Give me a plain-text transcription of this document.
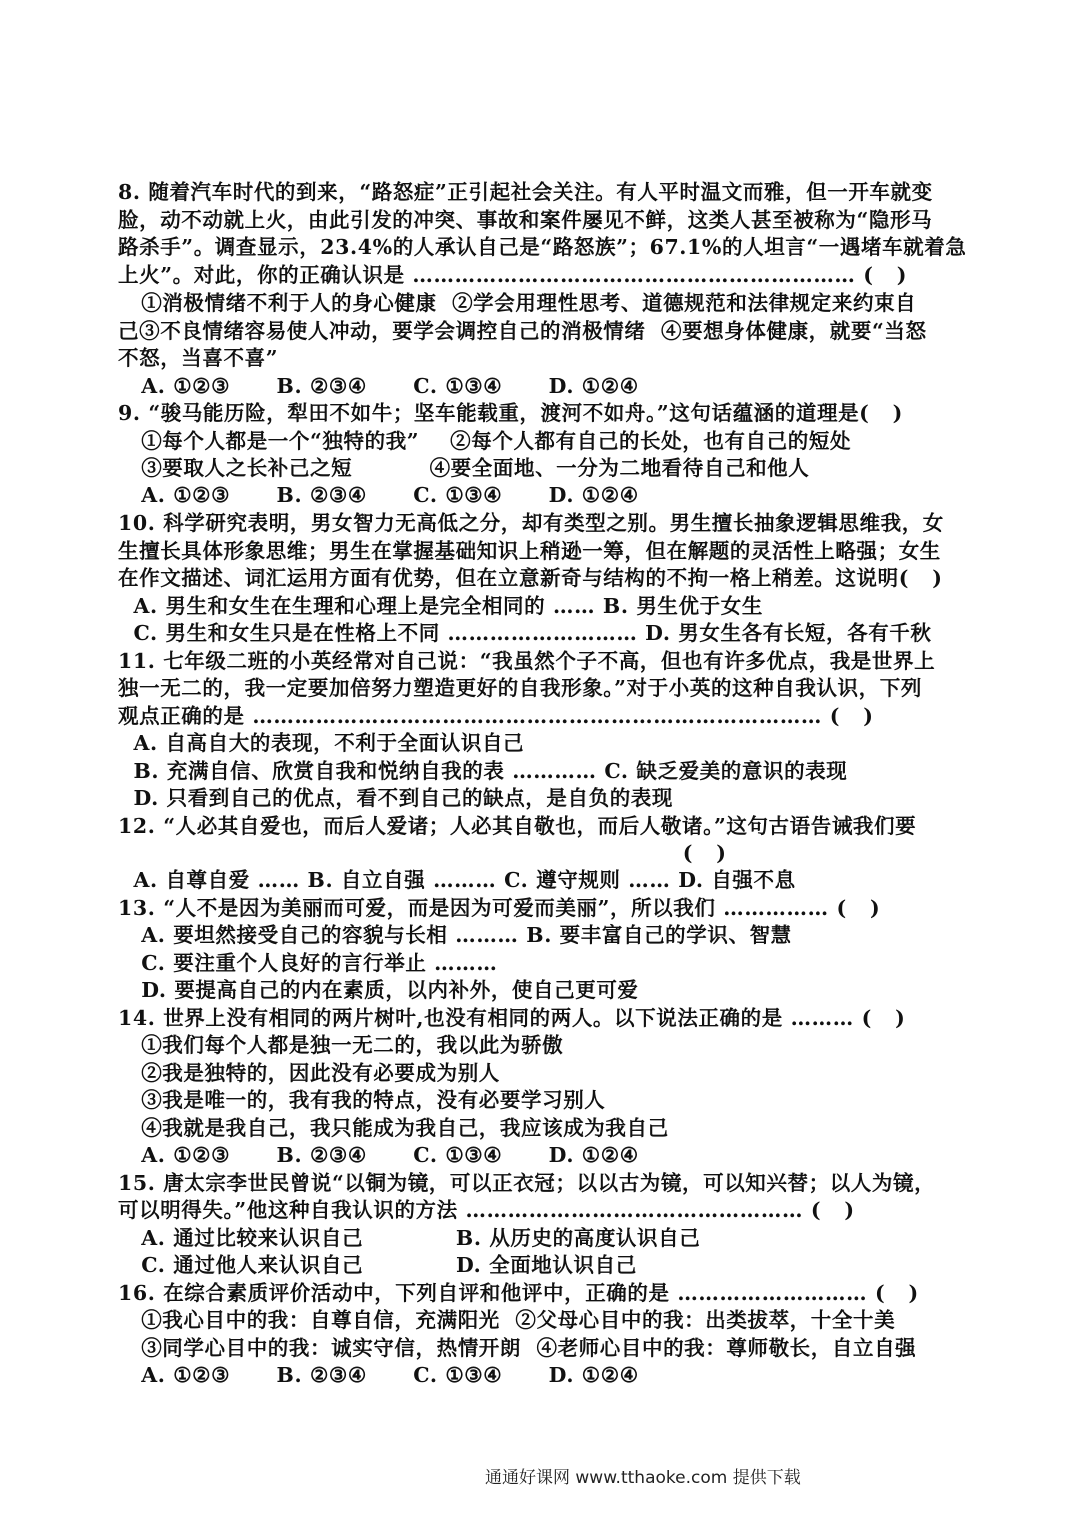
8. 随着汽车时代的到来，“路怒症”正引起社会关注。有人平时温文而雅，但一开车就变
脸，动不动就上火，由此引发的冲突、事故和案件屡见不鲜，这类人甚至被称为“隐形马
路杀手”。调查显示，23.4%的人承认自己是“路怒族”；67.1%的人坦言“一遇堵车就着急
上火”。对此，你的正确认识是 ……………………………………………………… (   )
①消极情绪不利于人的身心健康  ②学会用理性思考、道德规范和法律规定来约束自
己③不良情绪容易使人冲动，要学会调控自己的消极情绪  ④要想身体健康，就要“当怒
不怒，当喜不喜”
A. ①②③      B. ②③④      C. ①③④      D. ①②④
9. “骏马能历险，犁田不如牛；坚车能载重，渡河不如舟。”这句话蕴涵的道理是(   )
①每个人都是一个“独特的我”    ②每个人都有自己的长处，也有自己的短处
③要取人之长补己之短          ④要全面地、一分为二地看待自己和他人
A. ①②③      B. ②③④      C. ①③④      D. ①②④
10. 科学研究表明，男女智力无高低之分，却有类型之别。男生擅长抽象逻辑思维我，女
生擅长具体形象思维；男生在掌握基础知识上稍逊一筹，但在解题的灵活性上略强；女生
在作文描述、词汇运用方面有优势，但在立意新奇与结构的不拘一格上稍差。这说明(   )
A. 男生和女生在生理和心理上是完全相同的 …… B. 男生优于女生
C. 男生和女生只是在性格上不同 ……………………… D. 男女生各有长短，各有千秋
11. 七年级二班的小英经常对自己说：“我虽然个子不高，但也有许多优点，我是世界上
独一无二的，我一定要加倍努力塑造更好的自我形象。”对于小英的这种自我认识，下列
观点正确的是 ……………………………………………………………………… (   )
A. 自高自大的表现，不利于全面认识自己
B. 充满自信、欣赏自我和悦纳自我的表 ………… C. 缺乏爱美的意识的表现
D. 只看到自己的优点，看不到自己的缺点，是自负的表现
12. “人必其自爱也，而后人爱诸；人必其自敬也，而后人敬诸。”这句古语告诫我们要
(   )
A. 自尊自爱 …… B. 自立自强 ……… C. 遵守规则 …… D. 自强不息
13. “人不是因为美丽而可爱，而是因为可爱而美丽”，所以我们 …………… (   )
A. 要坦然接受自己的容貌与长相 ……… B. 要丰富自己的学识、智慧
C. 要注重个人良好的言行举止 ………
D. 要提高自己的内在素质，以内补外，使自己更可爱
14. 世界上没有相同的两片树叶,也没有相同的两人。以下说法正确的是 ……… (   )
①我们每个人都是独一无二的，我以此为骄傲
②我是独特的，因此没有必要成为别人
③我是唯一的，我有我的特点，没有必要学习别人
④我就是我自己，我只能成为我自己，我应该成为我自己
A. ①②③      B. ②③④      C. ①③④      D. ①②④
15. 唐太宗李世民曾说“以铜为镜，可以正衣冠；以以古为镜，可以知兴替；以人为镜，
可以明得失。”他这种自我认识的方法 ………………………………………… (   )
A. 通过比较来认识自己            B. 从历史的高度认识自己
C. 通过他人来认识自己            D. 全面地认识自己
16. 在综合素质评价活动中，下列自评和他评中，正确的是 ……………………… (   )
①我心目中的我：自尊自信，充满阳光  ②父母心目中的我：出类拔萃，十全十美
③同学心目中的我：诚实守信，热情开朗  ④老师心目中的我：尊师敬长，自立自强
A. ①②③      B. ②③④      C. ①③④      D. ①②④
通通好课网 www.tthaoke.com 提供下载
